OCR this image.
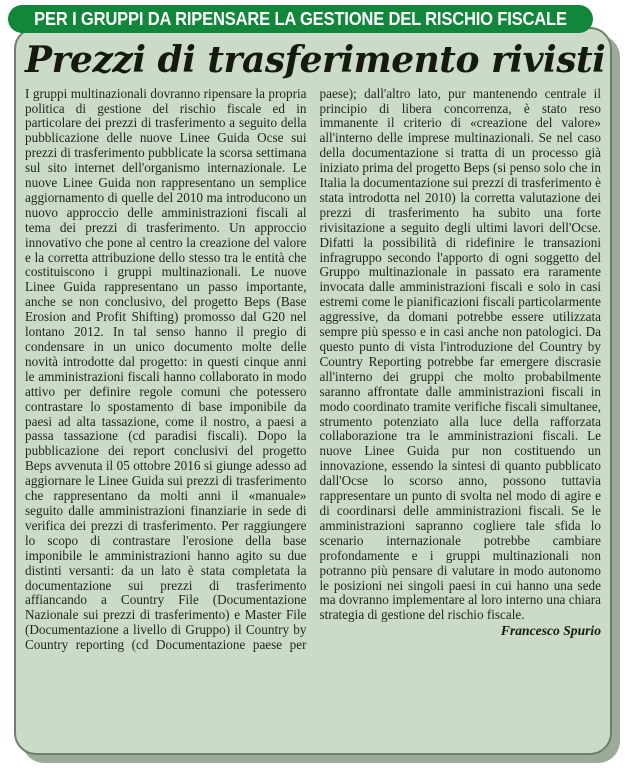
PER I GRUPPI DA RIPENSARE LA GESTIONE DEL RISCHIO FISCALE
Prezzi di trasferimento rivisti

I gruppi multinazionali dovranno ripensare la propria politica di gestione del rischio fiscale ed in particolare dei prezzi di trasferimento a seguito della pubblicazione delle nuove Linee Guida Ocse sui prezzi di trasferimento pubblicate la scorsa settimana sul sito internet dell'organismo internazionale. Le nuove Linee Guida non rappresentano un semplice aggiornamento di quelle del 2010 ma introducono un nuovo approccio delle amministrazioni fiscali al tema dei prezzi di trasferimento. Un approccio innovativo che pone al centro la creazione del valore e la corretta attribuzione dello stesso tra le entità che costituiscono i gruppi multinazionali. Le nuove Linee Guida rappresentano un passo importante, anche se non conclusivo, del progetto Beps (Base Erosion and Profit Shifting) promosso dal G20 nel lontano 2012. In tal senso hanno il pregio di condensare in un unico documento molte delle novità introdotte dal progetto: in questi cinque anni le amministrazioni fiscali hanno collaborato in modo attivo per definire regole comuni che potessero contrastare lo spostamento di base imponibile da paesi ad alta tassazione, come il nostro, a paesi a passa tassazione (cd paradisi fiscali). Dopo la pubblicazione dei report conclusivi del progetto Beps avvenuta il 05 ottobre 2016 si giunge adesso ad aggiornare le Linee Guida sui prezzi di trasferimento che rappresentano da molti anni il «manuale» seguito dalle amministrazioni finanziarie in sede di verifica dei prezzi di trasferimento. Per raggiungere lo scopo di contrastare l'erosione della base imponibile le amministrazioni hanno agito su due distinti versanti: da un lato è stata completata la documentazione sui prezzi di trasferimento affiancando a Country File (Documentazione Nazionale sui prezzi di trasferimento) e Master File (Documentazione a livello di Gruppo) il Country by Country reporting (cd Documentazione paese per paese); dall'altro lato, pur mantenendo centrale il principio di libera concorrenza, è stato reso immanente il criterio di «creazione del valore» all'interno delle imprese multinazionali. Se nel caso della documentazione si tratta di un processo già iniziato prima del progetto Beps (si penso solo che in Italia la documentazione sui prezzi di trasferimento è stata introdotta nel 2010) la corretta valutazione dei prezzi di trasferimento ha subito una forte rivisitazione a seguito degli ultimi lavori dell'Ocse. Difatti la possibilità di ridefinire le transazioni infragruppo secondo l'apporto di ogni soggetto del Gruppo multinazionale in passato era raramente invocata dalle amministrazioni fiscali e solo in casi estremi come le pianificazioni fiscali particolarmente aggressive, da domani potrebbe essere utilizzata sempre più spesso e in casi anche non patologici. Da questo punto di vista l'introduzione del Country by Country Reporting potrebbe far emergere discrasie all'interno dei gruppi che molto probabilmente saranno affrontate dalle amministrazioni fiscali in modo coordinato tramite verifiche fiscali simultanee, strumento potenziato alla luce della rafforzata collaborazione tra le amministrazioni fiscali. Le nuove Linee Guida pur non costituendo un innovazione, essendo la sintesi di quanto pubblicato dall'Ocse lo scorso anno, possono tuttavia rappresentare un punto di svolta nel modo di agire e di coordinarsi delle amministrazioni fiscali. Se le amministrazioni sapranno cogliere tale sfida lo scenario internazionale potrebbe cambiare profondamente e i gruppi multinazionali non potranno più pensare di valutare in modo autonomo le posizioni nei singoli paesi in cui hanno una sede ma dovranno implementare al loro interno una chiara strategia di gestione del rischio fiscale.

Francesco Spurio
